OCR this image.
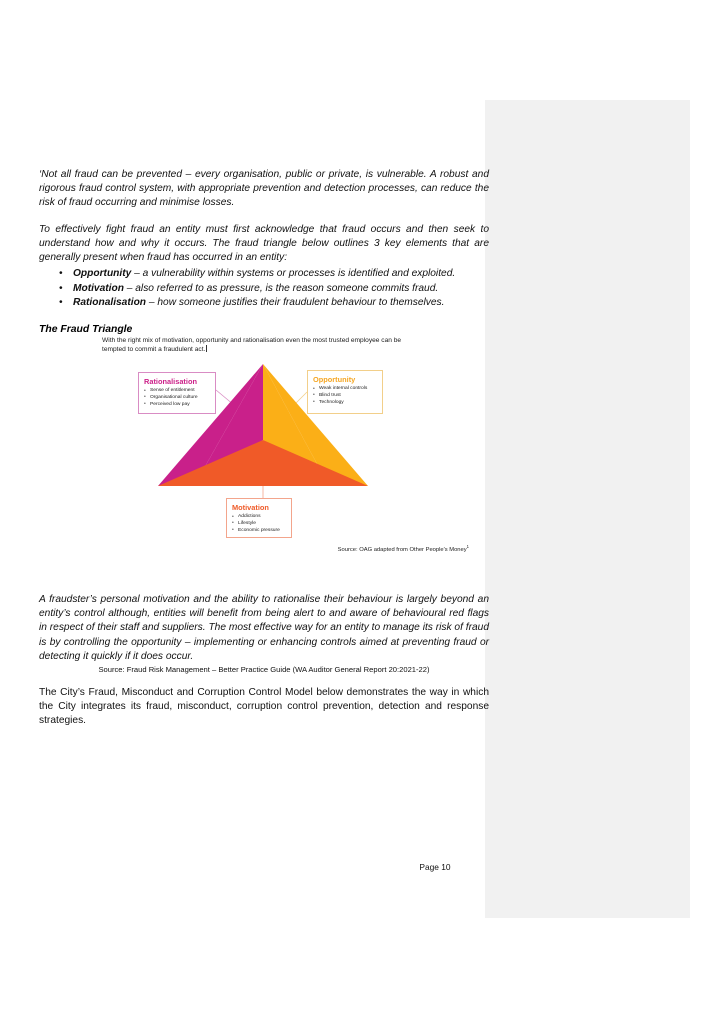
‘Not all fraud can be prevented – every organisation, public or private, is vulnerable. A robust and rigorous fraud control system, with appropriate prevention and detection processes, can reduce the risk of fraud occurring and minimise losses.

To effectively fight fraud an entity must first acknowledge that fraud occurs and then seek to understand how and why it occurs. The fraud triangle below outlines 3 key elements that are generally present when fraud has occurred in an entity:

• Opportunity – a vulnerability within systems or processes is identified and exploited.
• Motivation – also referred to as pressure, is the reason someone commits fraud.
• Rationalisation – how someone justifies their fraudulent behaviour to themselves.
The Fraud Triangle
With the right mix of motivation, opportunity and rationalisation even the most trusted employee can be tempted to commit a fraudulent act.
Rationalisation
• Sense of entitlement
• Organisational culture
• Perceived low pay
Opportunity
• Weak internal controls
• Blind trust
• Technology
Motivation
• Addictions
• Lifestyle
• Economic pressure
Source: OAG adapted from Other People's Money$^1$

A fraudster’s personal motivation and the ability to rationalise their behaviour is largely beyond an entity’s control although, entities will benefit from being alert to and aware of behavioural red flags in respect of their staff and suppliers. The most effective way for an entity to manage its risk of fraud is by controlling the opportunity – implementing or enhancing controls aimed at preventing fraud or detecting it quickly if it does occur.

Source: Fraud Risk Management – Better Practice Guide (WA Auditor General Report 20:2021-22)

The City’s Fraud, Misconduct and Corruption Control Model below demonstrates the way in which the City integrates its fraud, misconduct, corruption control prevention, detection and response strategies.

Page 10
